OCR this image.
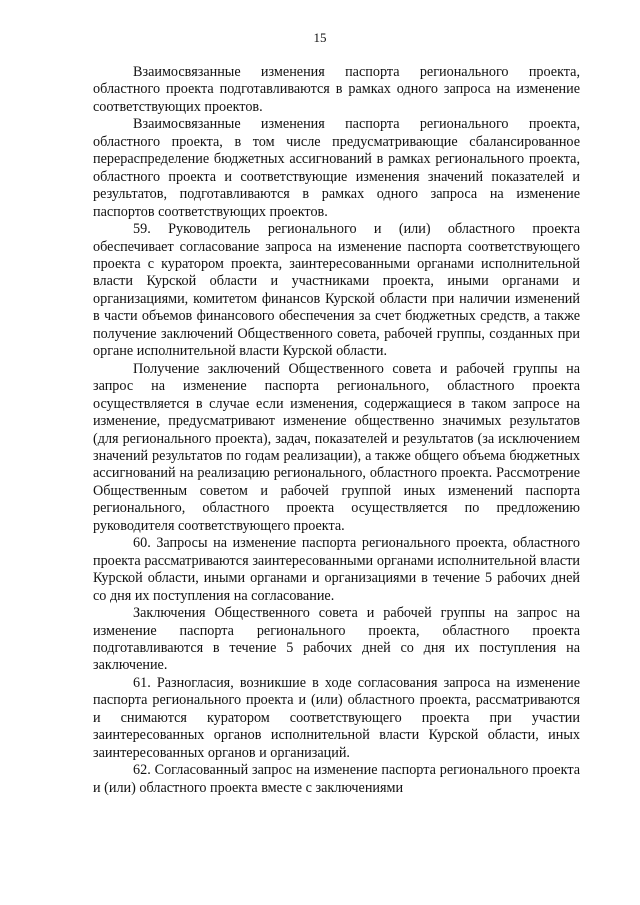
15

Взаимосвязанные изменения паспорта регионального проекта, областного проекта подготавливаются в рамках одного запроса на изменение соответствующих проектов.

Взаимосвязанные изменения паспорта регионального проекта, областного проекта, в том числе предусматривающие сбалансированное перераспределение бюджетных ассигнований в рамках регионального проекта, областного проекта и соответствующие изменения значений показателей и результатов, подготавливаются в рамках одного запроса на изменение паспортов соответствующих проектов.

59. Руководитель регионального и (или) областного проекта обеспечивает согласование запроса на изменение паспорта соответствующего проекта с куратором проекта, заинтересованными органами исполнительной власти Курской области и участниками проекта, иными органами и организациями, комитетом финансов Курской области при наличии изменений в части объемов финансового обеспечения за счет бюджетных средств, а также получение заключений Общественного совета, рабочей группы, созданных при органе исполнительной власти Курской области.

Получение заключений Общественного совета и рабочей группы на запрос на изменение паспорта регионального, областного проекта осуществляется в случае если изменения, содержащиеся в таком запросе на изменение, предусматривают изменение общественно значимых результатов (для регионального проекта), задач, показателей и результатов (за исключением значений результатов по годам реализации), а также общего объема бюджетных ассигнований на реализацию регионального, областного проекта. Рассмотрение Общественным советом и рабочей группой иных изменений паспорта регионального, областного проекта осуществляется по предложению руководителя соответствующего проекта.

60. Запросы на изменение паспорта регионального проекта, областного проекта рассматриваются заинтересованными органами исполнительной власти Курской области, иными органами и организациями в течение 5 рабочих дней со дня их поступления на согласование.

Заключения Общественного совета и рабочей группы на запрос на изменение паспорта регионального проекта, областного проекта подготавливаются в течение 5 рабочих дней со дня их поступления на заключение.

61. Разногласия, возникшие в ходе согласования запроса на изменение паспорта регионального проекта и (или) областного проекта, рассматриваются и снимаются куратором соответствующего проекта при участии заинтересованных органов исполнительной власти Курской области, иных заинтересованных органов и организаций.

62. Согласованный запрос на изменение паспорта регионального проекта и (или) областного проекта вместе с заключениями
